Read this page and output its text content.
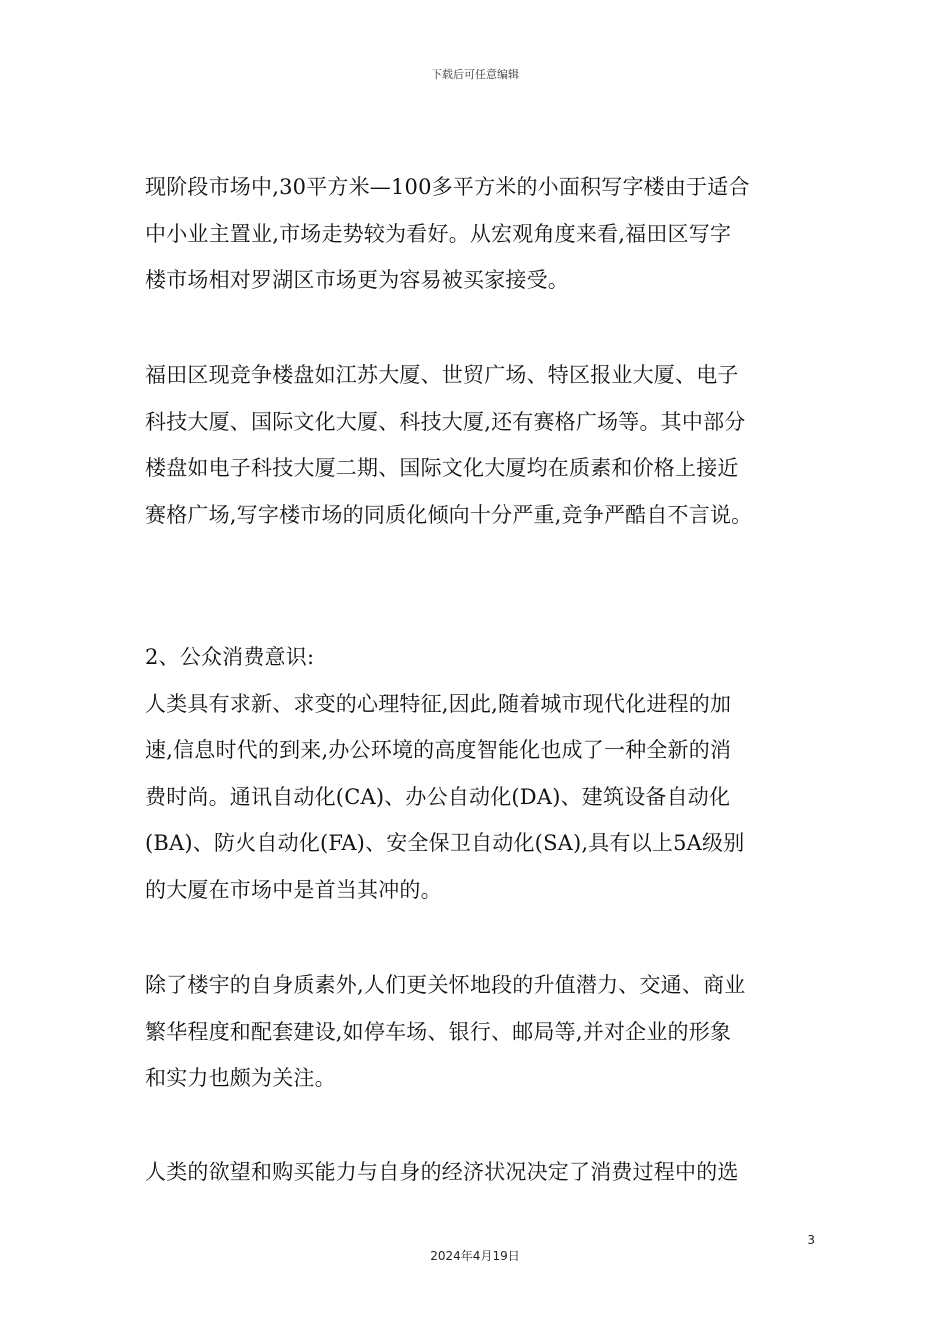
下载后可任意编辑

现阶段市场中,30平方米—100多平方米的小面积写字楼由于适合
中小业主置业,市场走势较为看好。从宏观角度来看,福田区写字
楼市场相对罗湖区市场更为容易被买家接受。

福田区现竞争楼盘如江苏大厦、世贸广场、特区报业大厦、电子
科技大厦、国际文化大厦、科技大厦,还有赛格广场等。其中部分
楼盘如电子科技大厦二期、国际文化大厦均在质素和价格上接近
赛格广场,写字楼市场的同质化倾向十分严重,竞争严酷自不言说。

2、公众消费意识:
人类具有求新、求变的心理特征,因此,随着城市现代化进程的加
速,信息时代的到来,办公环境的高度智能化也成了一种全新的消
费时尚。通讯自动化(CA)、办公自动化(DA)、建筑设备自动化
(BA)、防火自动化(FA)、安全保卫自动化(SA),具有以上5A级别
的大厦在市场中是首当其冲的。

除了楼宇的自身质素外,人们更关怀地段的升值潜力、交通、商业
繁华程度和配套建设,如停车场、银行、邮局等,并对企业的形象
和实力也颇为关注。

人类的欲望和购买能力与自身的经济状况决定了消费过程中的选

3
2024年4月19日
